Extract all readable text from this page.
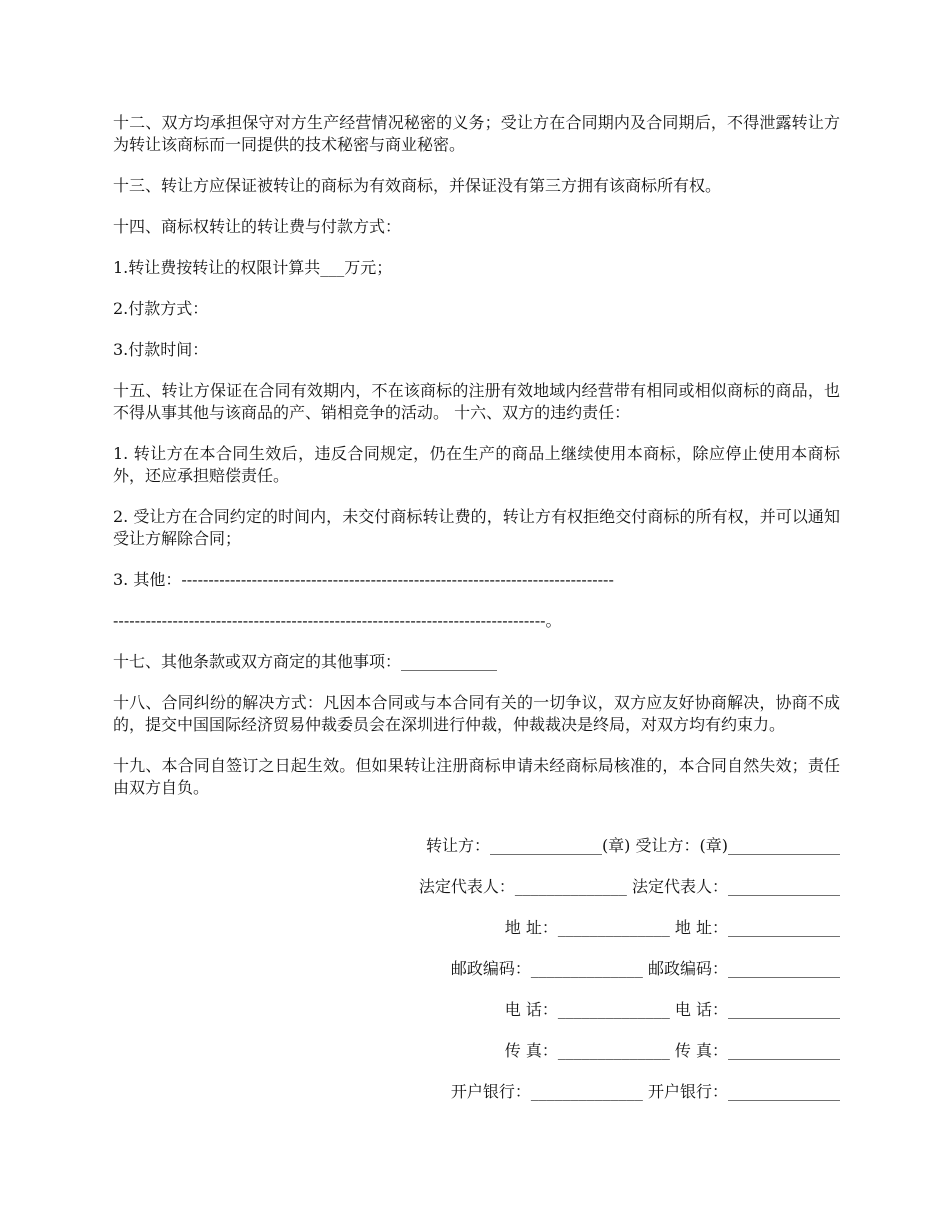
十二、双方均承担保守对方生产经营情况秘密的义务；受让方在合同期内及合同期后，不得泄露转让方为转让该商标而一同提供的技术秘密与商业秘密。

十三、转让方应保证被转让的商标为有效商标，并保证没有第三方拥有该商标所有权。

十四、商标权转让的转让费与付款方式：

1.转让费按转让的权限计算共___万元；

2.付款方式：

3.付款时间：

十五、转让方保证在合同有效期内，不在该商标的注册有效地域内经营带有相同或相似商标的商品，也不得从事其他与该商品的产、销相竞争的活动。 十六、双方的违约责任：

1. 转让方在本合同生效后，违反合同规定，仍在生产的商品上继续使用本商标，除应停止使用本商标外，还应承担赔偿责任。

2. 受让方在合同约定的时间内，未交付商标转让费的，转让方有权拒绝交付商标的所有权，并可以通知受让方解除合同；

3. 其他：--------------------------------------------------------------------------------

--------------------------------------------------------------------------------。

十七、其他条款或双方商定的其他事项：____________

十八、合同纠纷的解决方式：凡因本合同或与本合同有关的一切争议，双方应友好协商解决，协商不成的，提交中国国际经济贸易仲裁委员会在深圳进行仲裁，仲裁裁决是终局，对双方均有约束力。

十九、本合同自签订之日起生效。但如果转让注册商标申请未经商标局核准的，本合同自然失效；责任由双方自负。

转让方：______________(章) 受让方：(章)______________
法定代表人：______________ 法定代表人：______________
地 址：______________ 地 址：______________
邮政编码：______________ 邮政编码：______________
电 话：______________ 电 话：______________
传 真：______________ 传 真：______________
开户银行：______________ 开户银行：______________
